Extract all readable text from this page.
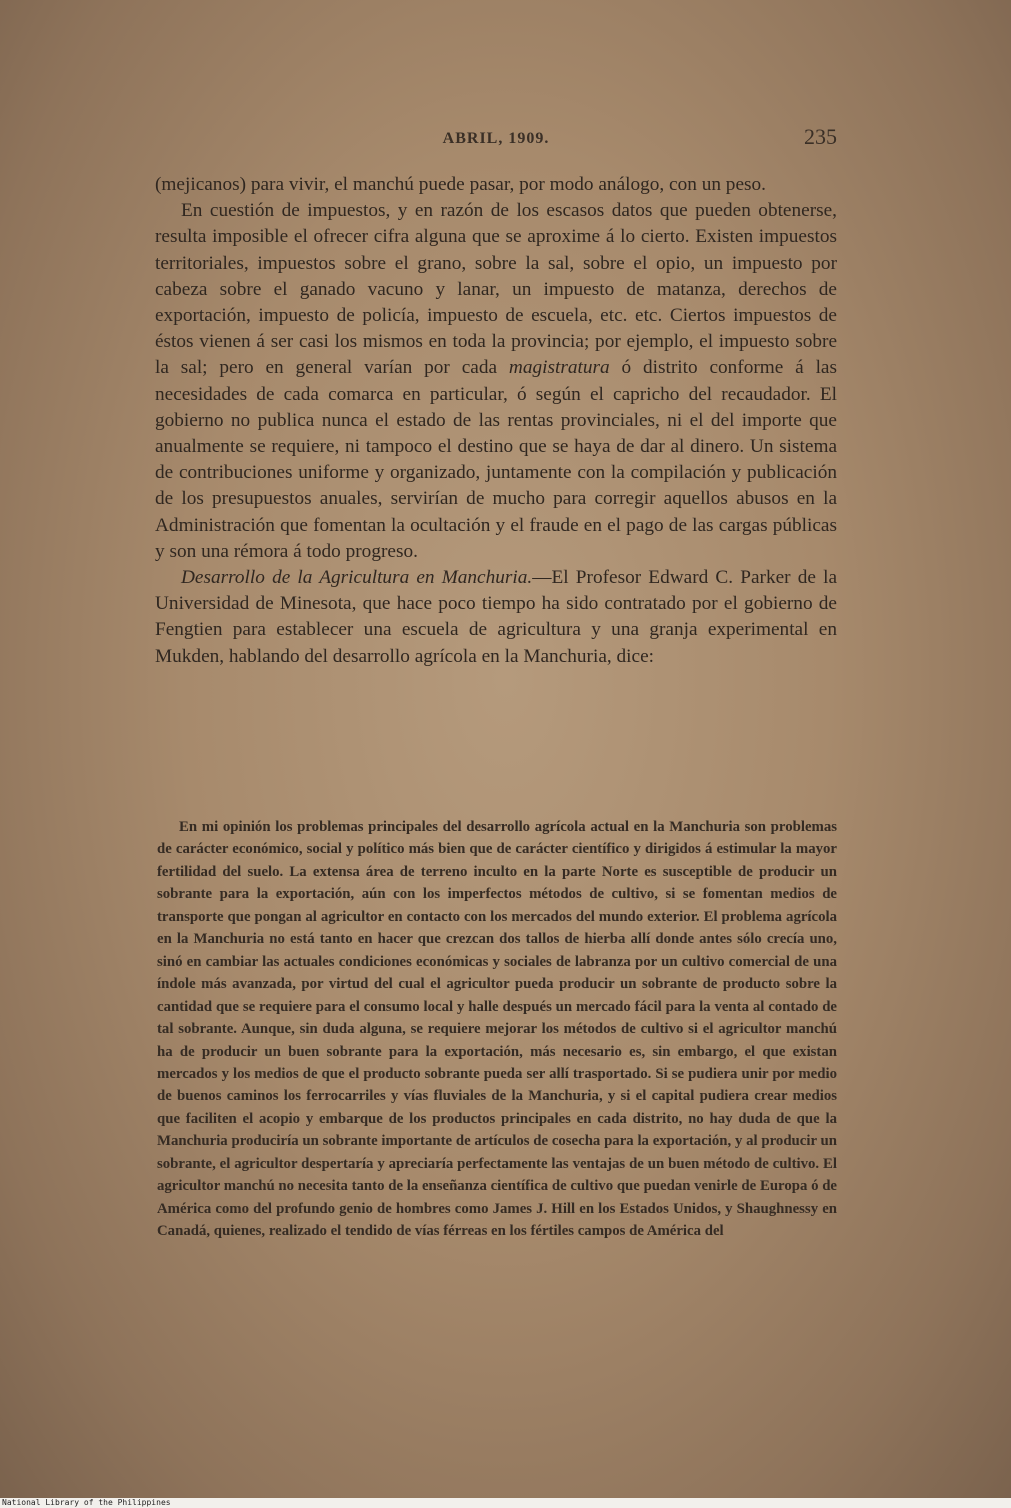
ABRIL, 1909.	235

(mejicanos) para vivir, el manchú puede pasar, por modo análogo, con un peso.

En cuestión de impuestos, y en razón de los escasos datos que pueden obtenerse, resulta imposible el ofrecer cifra alguna que se aproxime á lo cierto. Existen impuestos territoriales, impuestos sobre el grano, sobre la sal, sobre el opio, un impuesto por cabeza sobre el ganado vacuno y lanar, un impuesto de matanza, derechos de exportación, impuesto de policía, impuesto de escuela, etc. etc. Ciertos impuestos de éstos vienen á ser casi los mismos en toda la provincia; por ejemplo, el impuesto sobre la sal; pero en general varían por cada magistratura ó distrito conforme á las necesidades de cada comarca en particular, ó según el capricho del recaudador. El gobierno no publica nunca el estado de las rentas provinciales, ni el del importe que anualmente se requiere, ni tampoco el destino que se haya de dar al dinero. Un sistema de contribuciones uniforme y organizado, juntamente con la compilación y publicación de los presupuestos anuales, servirían de mucho para corregir aquellos abusos en la Administración que fomentan la ocultación y el fraude en el pago de las cargas públicas y son una rémora á todo progreso.

Desarrollo de la Agricultura en Manchuria.—El Profesor Edward C. Parker de la Universidad de Minesota, que hace poco tiempo ha sido contratado por el gobierno de Fengtien para establecer una escuela de agricultura y una granja experimental en Mukden, hablando del desarrollo agrícola en la Manchuria, dice:

En mi opinión los problemas principales del desarrollo agrícola actual en la Manchuria son problemas de carácter económico, social y político más bien que de carácter científico y dirigidos á estimular la mayor fertilidad del suelo. La extensa área de terreno inculto en la parte Norte es susceptible de producir un sobrante para la exportación, aún con los imperfectos métodos de cultivo, si se fomentan medios de transporte que pongan al agricultor en contacto con los mercados del mundo exterior. El problema agrícola en la Manchuria no está tanto en hacer que crezcan dos tallos de hierba allí donde antes sólo crecía uno, sinó en cambiar las actuales condiciones económicas y sociales de labranza por un cultivo comercial de una índole más avanzada, por virtud del cual el agricultor pueda producir un sobrante de producto sobre la cantidad que se requiere para el consumo local y halle después un mercado fácil para la venta al contado de tal sobrante. Aunque, sin duda alguna, se requiere mejorar los métodos de cultivo si el agricultor manchú ha de producir un buen sobrante para la exportación, más necesario es, sin embargo, el que existan mercados y los medios de que el producto sobrante pueda ser allí trasportado. Si se pudiera unir por medio de buenos caminos los ferrocarriles y vías fluviales de la Manchuria, y si el capital pudiera crear medios que faciliten el acopio y embarque de los productos principales en cada distrito, no hay duda de que la Manchuria produciría un sobrante importante de artículos de cosecha para la exportación, y al producir un sobrante, el agricultor despertaría y apreciaría perfectamente las ventajas de un buen método de cultivo. El agricultor manchú no necesita tanto de la enseñanza científica de cultivo que puedan venirle de Europa ó de América como del profundo genio de hombres como James J. Hill en los Estados Unidos, y Shaughnessy en Canadá, quienes, realizado el tendido de vías férreas en los fértiles campos de América del
National Library of the Philippines
